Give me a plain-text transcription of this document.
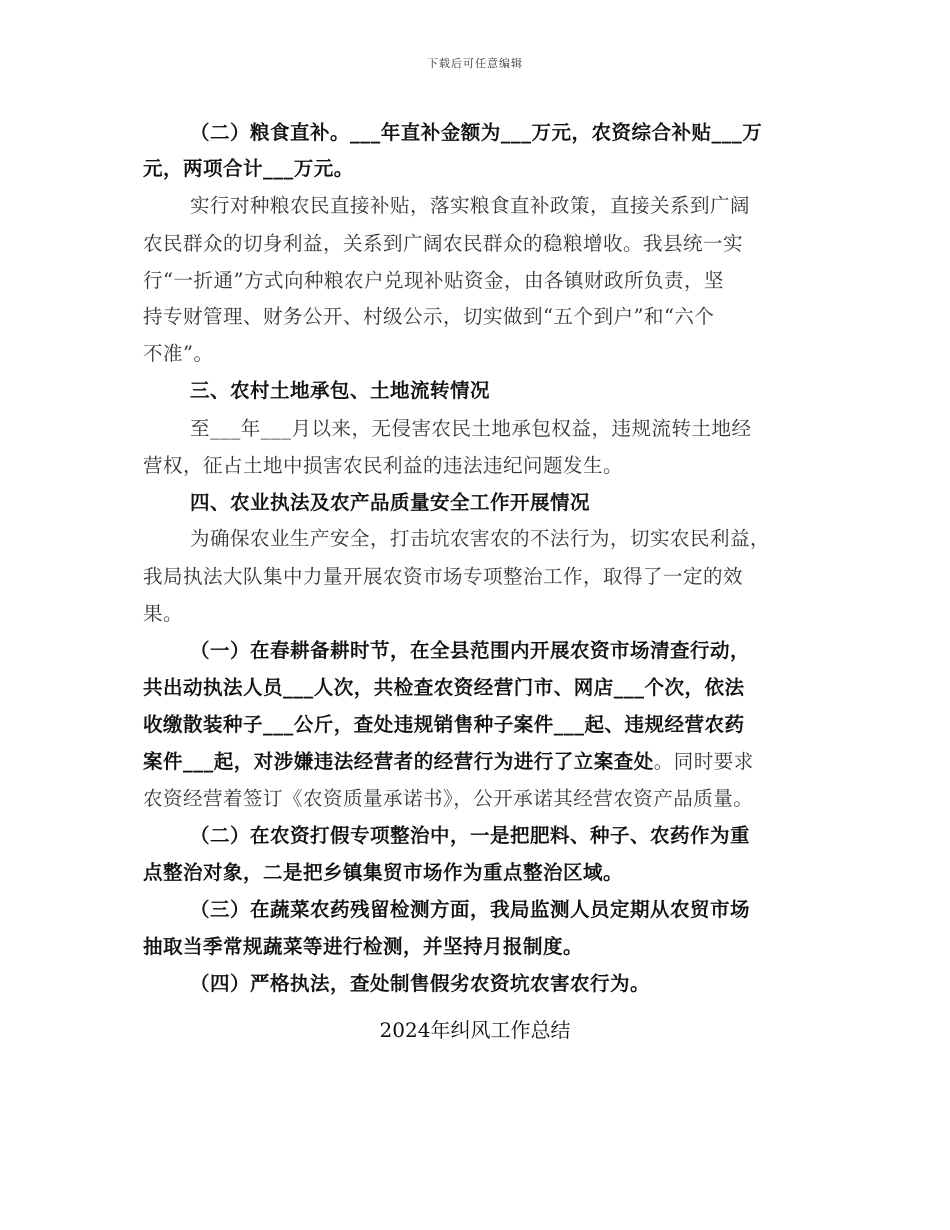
下载后可任意编辑
（二）粮食直补。___年直补金额为___万元，农资综合补贴___万
元，两项合计___万元。
实行对种粮农民直接补贴，落实粮食直补政策，直接关系到广阔
农民群众的切身利益，关系到广阔农民群众的稳粮增收。我县统一实
行“一折通”方式向种粮农户兑现补贴资金，由各镇财政所负责，坚
持专财管理、财务公开、村级公示，切实做到“五个到户”和“六个
不准”。
三、农村土地承包、土地流转情况
至___年___月以来，无侵害农民土地承包权益，违规流转土地经
营权，征占土地中损害农民利益的违法违纪问题发生。
四、农业执法及农产品质量安全工作开展情况
为确保农业生产安全，打击坑农害农的不法行为，切实农民利益，
我局执法大队集中力量开展农资市场专项整治工作，取得了一定的效
果。
（一）在春耕备耕时节，在全县范围内开展农资市场清查行动，
共出动执法人员___人次，共检查农资经营门市、网店___个次，依法
收缴散装种子___公斤，查处违规销售种子案件___起、违规经营农药
案件___起，对涉嫌违法经营者的经营行为进行了立案查处。同时要求
农资经营着签订《农资质量承诺书》，公开承诺其经营农资产品质量。
（二）在农资打假专项整治中，一是把肥料、种子、农药作为重
点整治对象，二是把乡镇集贸市场作为重点整治区域。
（三）在蔬菜农药残留检测方面，我局监测人员定期从农贸市场
抽取当季常规蔬菜等进行检测，并坚持月报制度。
（四）严格执法，查处制售假劣农资坑农害农行为。
2024年纠风工作总结
